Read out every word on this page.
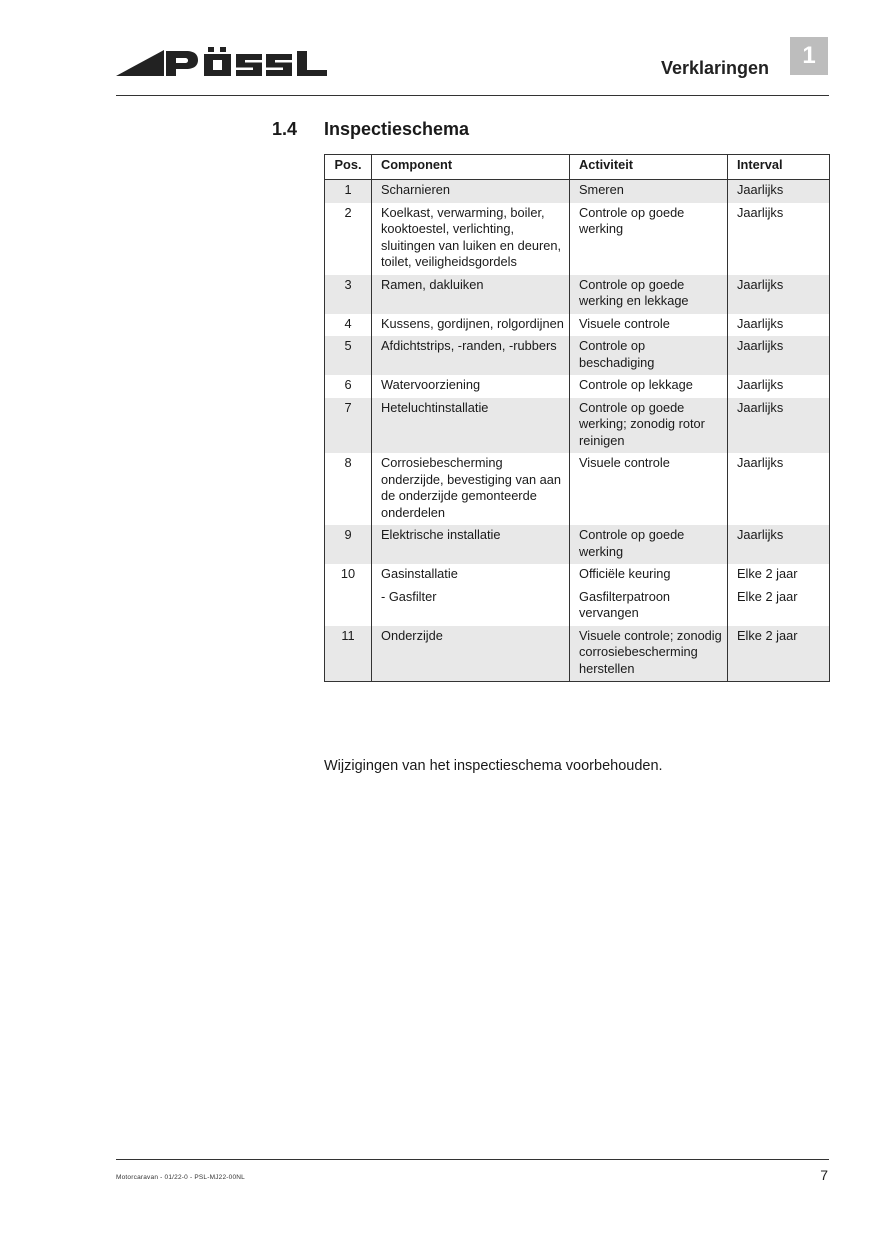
Verklaringen	1
1.4 Inspectieschema
Pos.	Component	Activiteit	Interval
1	Scharnieren	Smeren	Jaarlijks
2	Koelkast, verwarming, boiler, kooktoestel, verlichting, sluitingen van luiken en deuren, toilet, veiligheidsgordels	Controle op goede werking	Jaarlijks
3	Ramen, dakluiken	Controle op goede werking en lekkage	Jaarlijks
4	Kussens, gordijnen, rolgordijnen	Visuele controle	Jaarlijks
5	Afdichtstrips, -randen, -rubbers	Controle op beschadiging	Jaarlijks
6	Watervoorziening	Controle op lekkage	Jaarlijks
7	Heteluchtinstallatie	Controle op goede werking; zonodig rotor reinigen	Jaarlijks
8	Corrosiebescherming onderzijde, bevestiging van aan de onderzijde gemonteerde onderdelen	Visuele controle	Jaarlijks
9	Elektrische installatie	Controle op goede werking	Jaarlijks
10	Gasinstallatie	Officiële keuring	Elke 2 jaar
	- Gasfilter	Gasfilterpatroon vervangen	Elke 2 jaar
11	Onderzijde	Visuele controle; zonodig corrosiebescherming herstellen	Elke 2 jaar
Wijzigingen van het inspectieschema voorbehouden.
Motorcaravan - 01/22-0 - PSL-MJ22-00NL	7
